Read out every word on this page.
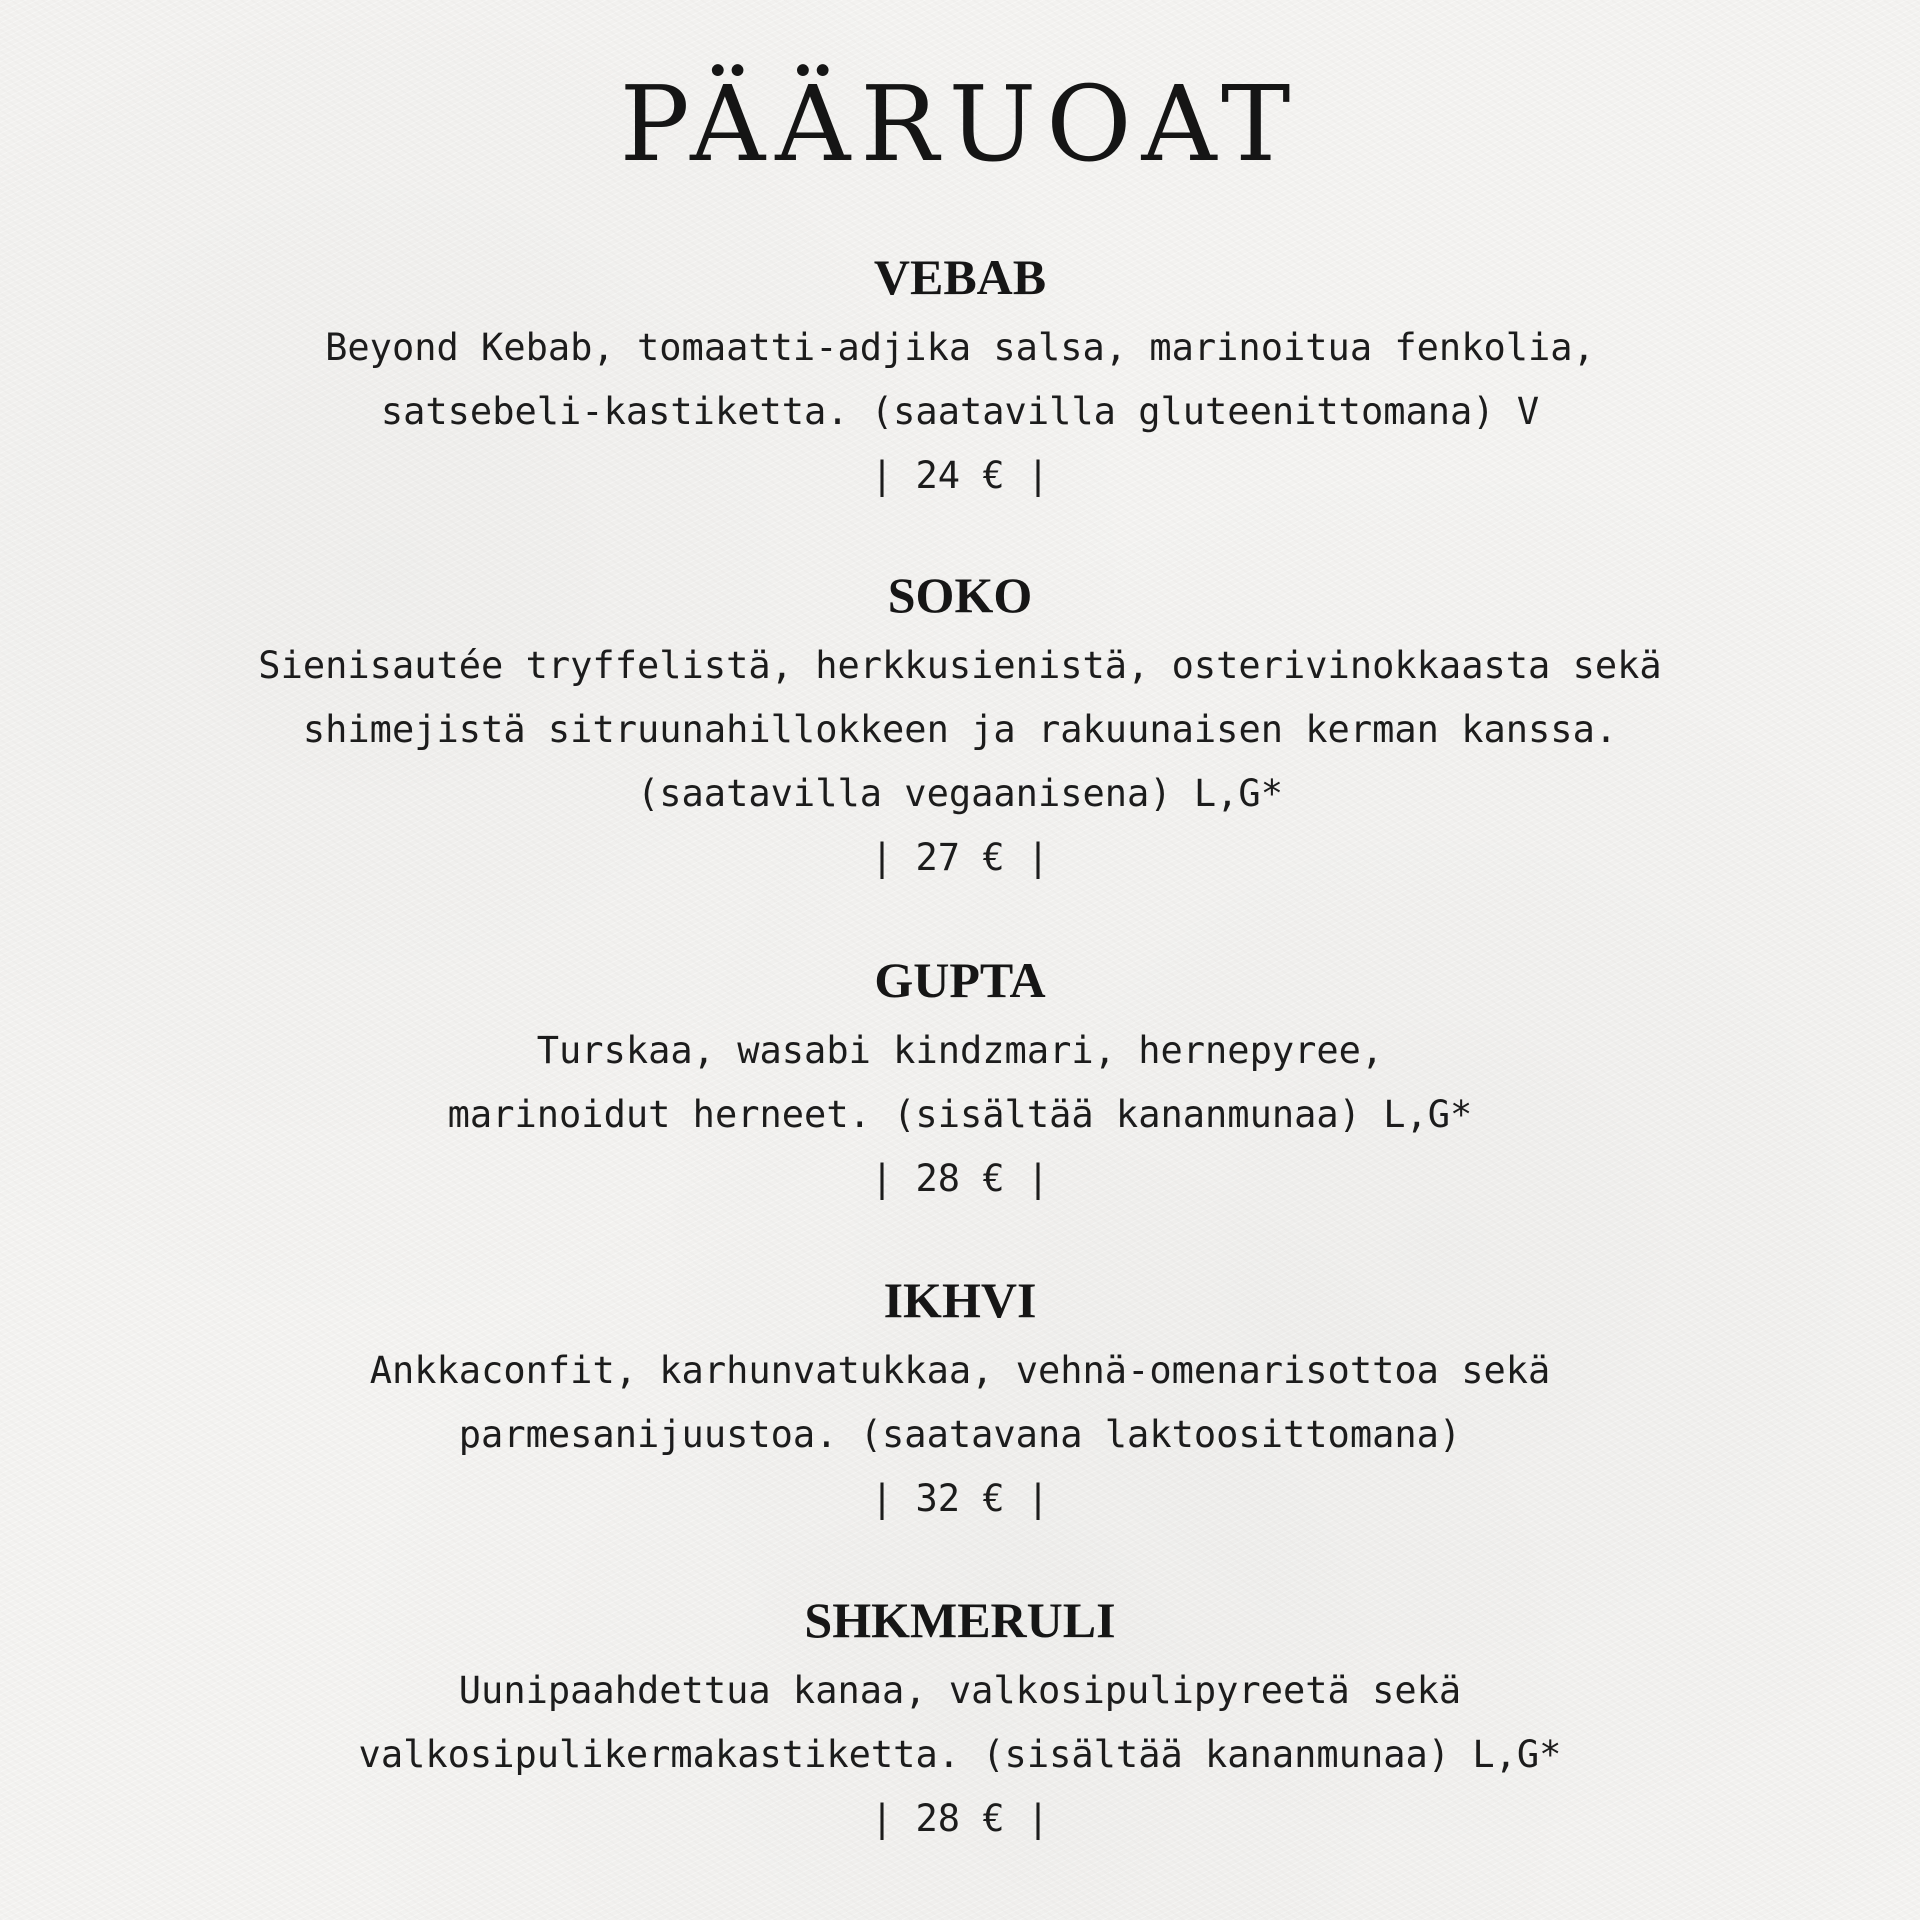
PÄÄRUOAT
VEBAB
Beyond Kebab, tomaatti-adjika salsa, marinoitua fenkolia,
satsebeli-kastiketta. (saatavilla gluteenittomana) V
| 24 € |
SOKO
Sienisautée tryffelistä, herkkusienistä, osterivinokkaasta sekä
shimejistä sitruunahillokkeen ja rakuunaisen kerman kanssa.
(saatavilla vegaanisena) L,G*
| 27 € |
GUPTA
Turskaa, wasabi kindzmari, hernepyree,
marinoidut herneet. (sisältää kananmunaa) L,G*
| 28 € |
IKHVI
Ankkaconfit, karhunvatukkaa, vehnä-omenarisottoa sekä
parmesanijuustoa. (saatavana laktoosittomana)
| 32 € |
SHKMERULI
Uunipaahdettua kanaa, valkosipulipyreetä sekä
valkosipulikermakastiketta. (sisältää kananmunaa) L,G*
| 28 € |
